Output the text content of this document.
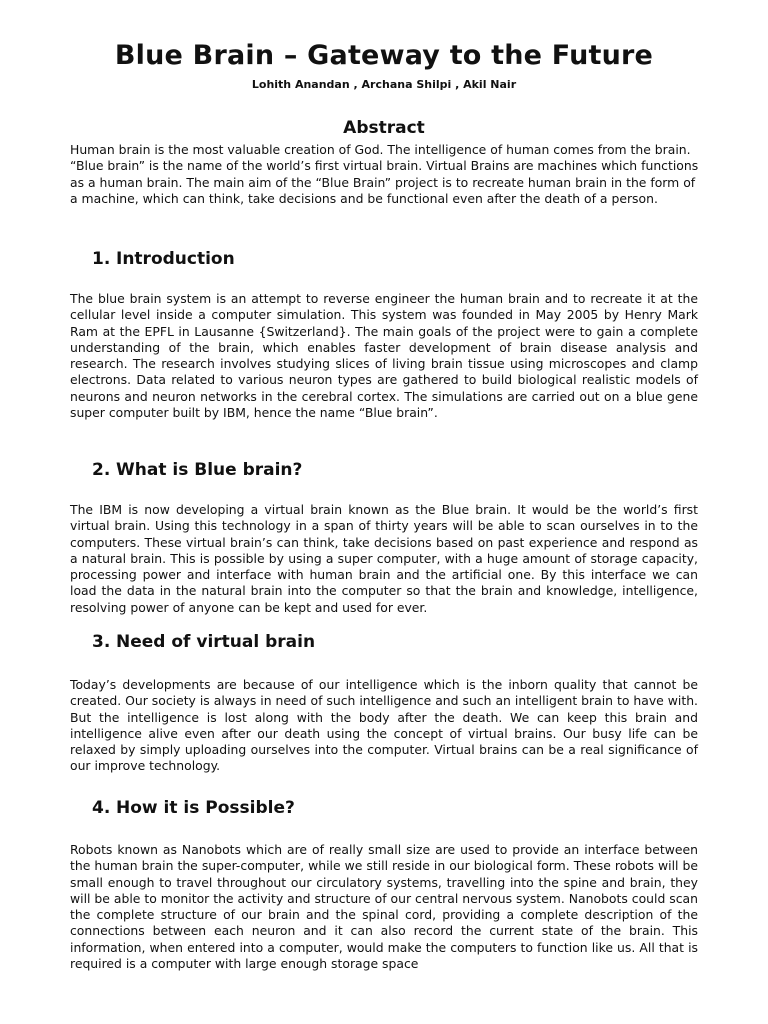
Blue Brain – Gateway to the Future

Lohith Anandan , Archana Shilpi , Akil Nair

Abstract

Human brain is the most valuable creation of God. The intelligence of human comes from the brain. “Blue brain” is the name of the world’s first virtual brain. Virtual Brains are machines which functions as a human brain. The main aim of the “Blue Brain” project is to recreate human brain in the form of a machine, which can think, take decisions and be functional even after the death of a person.

1. Introduction

The blue brain system is an attempt to reverse engineer the human brain and to recreate it at the cellular level inside a computer simulation. This system was founded in May 2005 by Henry Mark Ram at the EPFL in Lausanne {Switzerland}. The main goals of the project were to gain a complete understanding of the brain, which enables faster development of brain disease analysis and research. The research involves studying slices of living brain tissue using microscopes and clamp electrons. Data related to various neuron types are gathered to build biological realistic models of neurons and neuron networks in the cerebral cortex. The simulations are carried out on a blue gene super computer built by IBM, hence the name “Blue brain”.

2. What is Blue brain?

The IBM is now developing a virtual brain known as the Blue brain. It would be the world’s first virtual brain. Using this technology in a span of thirty years will be able to scan ourselves in to the computers. These virtual brain’s can think, take decisions based on past experience and respond as a natural brain. This is possible by using a super computer, with a huge amount of storage capacity, processing power and interface with human brain and the artificial one. By this interface we can load the data in the natural brain into the computer so that the brain and knowledge, intelligence, resolving power of anyone can be kept and used for ever.

3. Need of virtual brain

Today’s developments are because of our intelligence which is the inborn quality that cannot be created. Our society is always in need of such intelligence and such an intelligent brain to have with. But the intelligence is lost along with the body after the death. We can keep this brain and intelligence alive even after our death using the concept of virtual brains. Our busy life can be relaxed by simply uploading ourselves into the computer. Virtual brains can be a real significance of our improve technology.

4. How it is Possible?

Robots known as Nanobots which are of really small size are used to provide an interface between the human brain the super-computer, while we still reside in our biological form. These robots will be small enough to travel throughout our circulatory systems, travelling into the spine and brain, they will be able to monitor the activity and structure of our central nervous system. Nanobots could scan the complete structure of our brain and the spinal cord, providing a complete description of the connections between each neuron and it can also record the current state of the brain. This information, when entered into a computer, would make the computers to function like us. All that is required is a computer with large enough storage space
